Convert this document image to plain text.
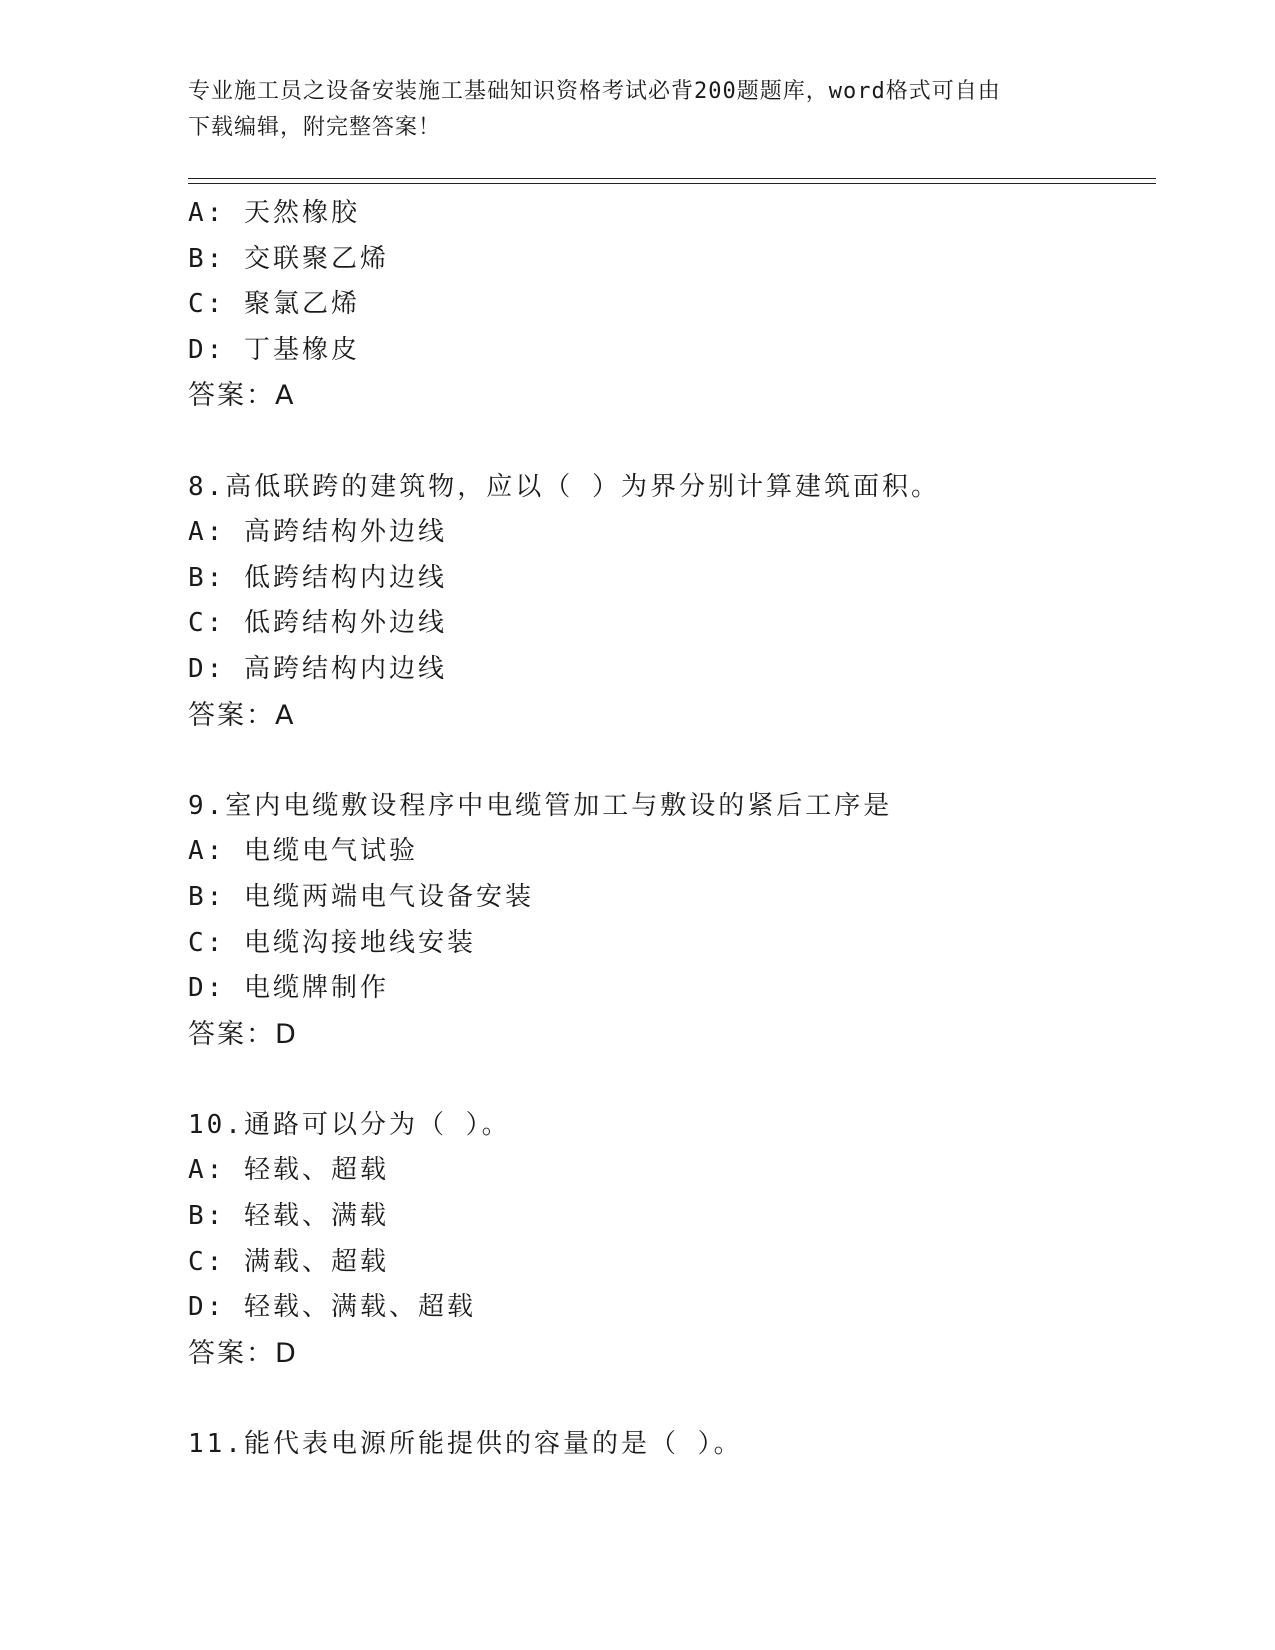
专业施工员之设备安装施工基础知识资格考试必背200题题库，word格式可自由
下载编辑，附完整答案！
A: 天然橡胶
B: 交联聚乙烯
C: 聚氯乙烯
D: 丁基橡皮
答案：A
8.高低联跨的建筑物，应以（ ）为界分别计算建筑面积。
A: 高跨结构外边线
B: 低跨结构内边线
C: 低跨结构外边线
D: 高跨结构内边线
答案：A
9.室内电缆敷设程序中电缆管加工与敷设的紧后工序是
A: 电缆电气试验
B: 电缆两端电气设备安装
C: 电缆沟接地线安装
D: 电缆牌制作
答案：D
10.通路可以分为（ ）。
A: 轻载、超载
B: 轻载、满载
C: 满载、超载
D: 轻载、满载、超载
答案：D
11.能代表电源所能提供的容量的是（ ）。
